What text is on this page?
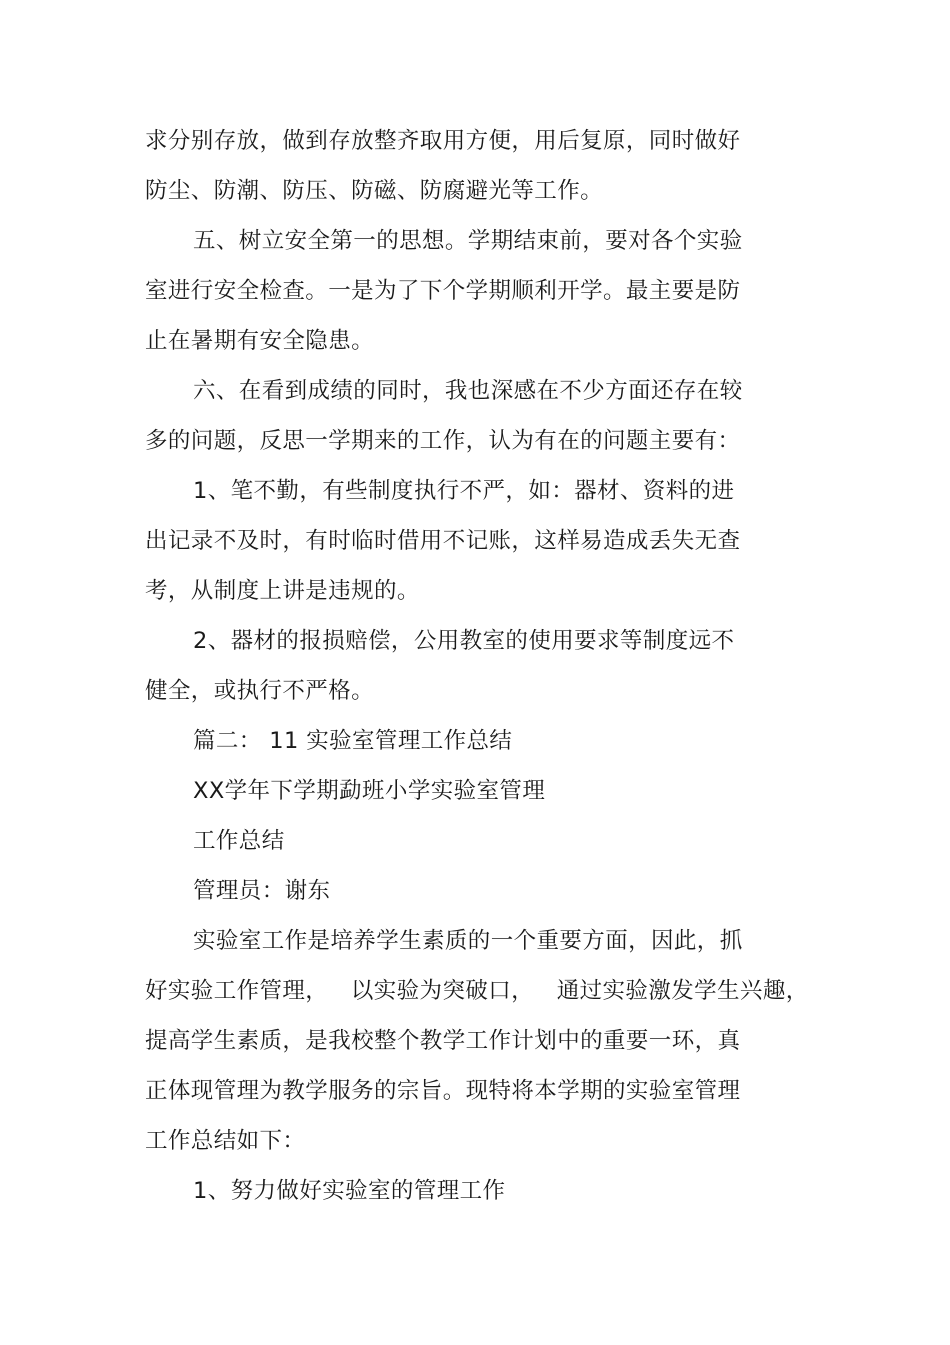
求分别存放，做到存放整齐取用方便，用后复原，同时做好
防尘、防潮、防压、防磁、防腐避光等工作。
五、树立安全第一的思想。学期结束前，要对各个实验
室进行安全检查。一是为了下个学期顺利开学。最主要是防
止在暑期有安全隐患。
六、在看到成绩的同时，我也深感在不少方面还存在较
多的问题，反思一学期来的工作，认为有在的问题主要有：
1、笔不勤，有些制度执行不严，如：器材、资料的进
出记录不及时，有时临时借用不记账，这样易造成丢失无查
考，从制度上讲是违规的。
2、器材的报损赔偿，公用教室的使用要求等制度远不
健全，或执行不严格。
篇二： 11 实验室管理工作总结
XX学年下学期勐班小学实验室管理
工作总结
管理员：谢东
实验室工作是培养学生素质的一个重要方面，因此，抓
好实验工作管理，   以实验为突破口，   通过实验激发学生兴趣，
提高学生素质，是我校整个教学工作计划中的重要一环，真
正体现管理为教学服务的宗旨。现特将本学期的实验室管理
工作总结如下：
1、努力做好实验室的管理工作
